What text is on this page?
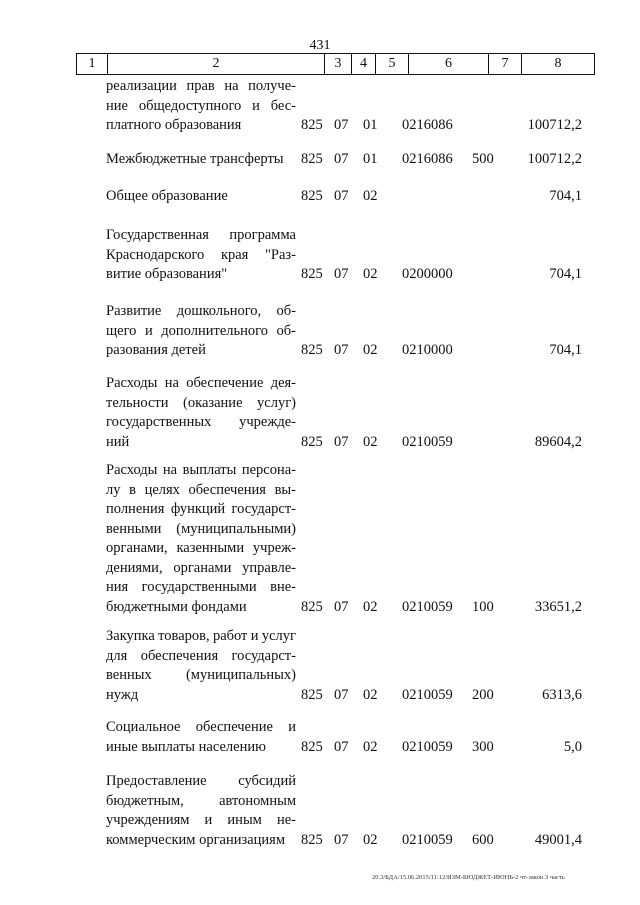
431
1	2	3	4	5	6	7	8
реализации прав на получе-
ние общедоступного и бес-
платного образования	825 07 01 0216086	100712,2
Межбюджетные трансферты	825 07 01 0216086 500 100712,2
Общее образование	825 07 02	704,1
Государственная программа
Краснодарского края "Раз-
витие образования"	825 07 02 0200000	704,1
Развитие дошкольного, об-
щего и дополнительного об-
разования детей	825 07 02 0210000	704,1
Расходы на обеспечение дея-
тельности (оказание услуг)
государственных учрежде-
ний	825 07 02 0210059	89604,2
Расходы на выплаты персона-
лу в целях обеспечения вы-
полнения функций государст-
венными (муниципальными)
органами, казенными учреж-
дениями, органами управле-
ния государственными вне-
бюджетными фондами	825 07 02 0210059 100	33651,2
Закупка товаров, работ и услуг
для обеспечения государст-
венных (муниципальных)
нужд	825 07 02 0210059 200	6313,6
Социальное обеспечение и
иные выплаты населению	825 07 02 0210059 300	5,0
Предоставление субсидий
бюджетным, автономным
учреждениям и иным не-
коммерческим организациям	825 07 02 0210059 600	49001,4
20.3/БДА/15.06.2015/11:12/ИЗМ-БЮДЖЕТ-ИЮНЬ-2 чт-закон 3 часть
